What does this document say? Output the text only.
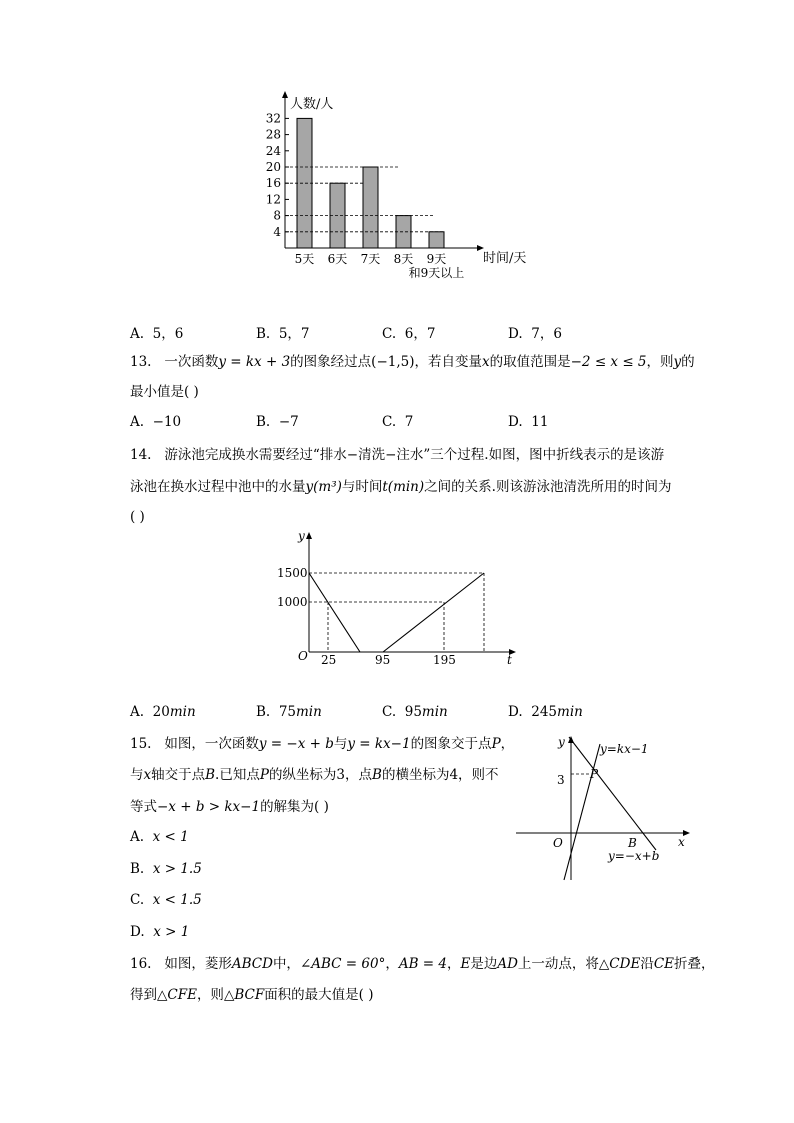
4
8
12
16
20
24
28
32
人数/人
时间/天
5天 6天 7天 8天 9天
和9天以上
A. 5，6	B. 5，7	C. 6，7	D. 7，6
13. 一次函数y = kx + 3的图象经过点(−1,5)，若自变量x的取值范围是−2 ≤ x ≤ 5，则y的
最小值是( )
A. −10	B. −7	C. 7	D. 11
14. 游泳池完成换水需要经过“排水−清洗−注水”三个过程.如图，图中折线表示的是该游
泳池在换水过程中池中的水量y(m³)与时间t(min)之间的关系.则该游泳池清洗所用的时间为
( )
y
t
O
1500
1000
25	95	195
A. 20min	B. 75min	C. 95min	D. 245min
15. 如图，一次函数y = −x + b与y = kx−1的图象交于点P，
与x轴交于点B.已知点P的纵坐标为3，点B的横坐标为4，则不
等式−x + b > kx−1的解集为( )
A. x < 1
B. x > 1.5
C. x < 1.5
D. x > 1
y
x
O
3 P
B
y=kx−1
y=−x+b
16. 如图，菱形ABCD中，∠ABC = 60°，AB = 4，E是边AD上一动点，将△CDE沿CE折叠，
得到△CFE，则△BCF面积的最大值是( )
